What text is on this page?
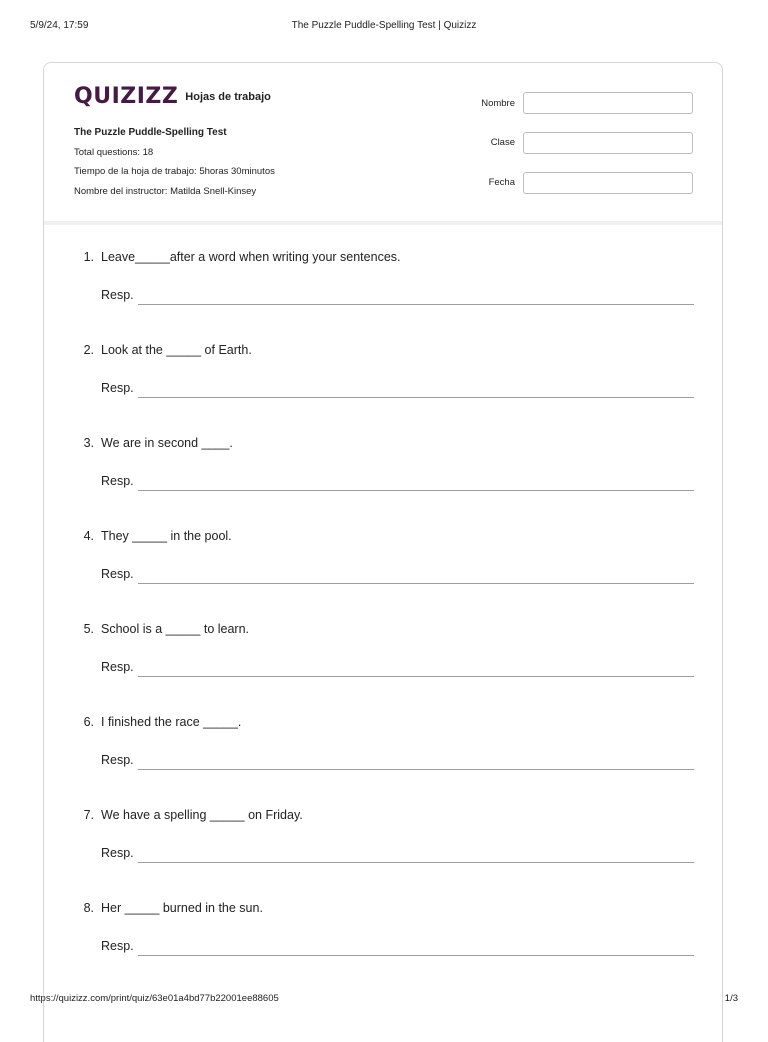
5/9/24, 17:59	The Puzzle Puddle-Spelling Test | Quizizz
QUIZIZZ Hojas de trabajo
The Puzzle Puddle-Spelling Test
Total questions: 18
Tiempo de la hoja de trabajo: 5horas 30minutos
Nombre del instructor: Matilda Snell-Kinsey
Nombre
Clase
Fecha
1. Leave_____after a word when writing your sentences.
Resp.
2. Look at the _____ of Earth.
Resp.
3. We are in second ____.
Resp.
4. They _____ in the pool.
Resp.
5. School is a _____ to learn.
Resp.
6. I finished the race _____.
Resp.
7. We have a spelling _____ on Friday.
Resp.
8. Her _____ burned in the sun.
Resp.
https://quizizz.com/print/quiz/63e01a4bd77b22001ee88605	1/3
